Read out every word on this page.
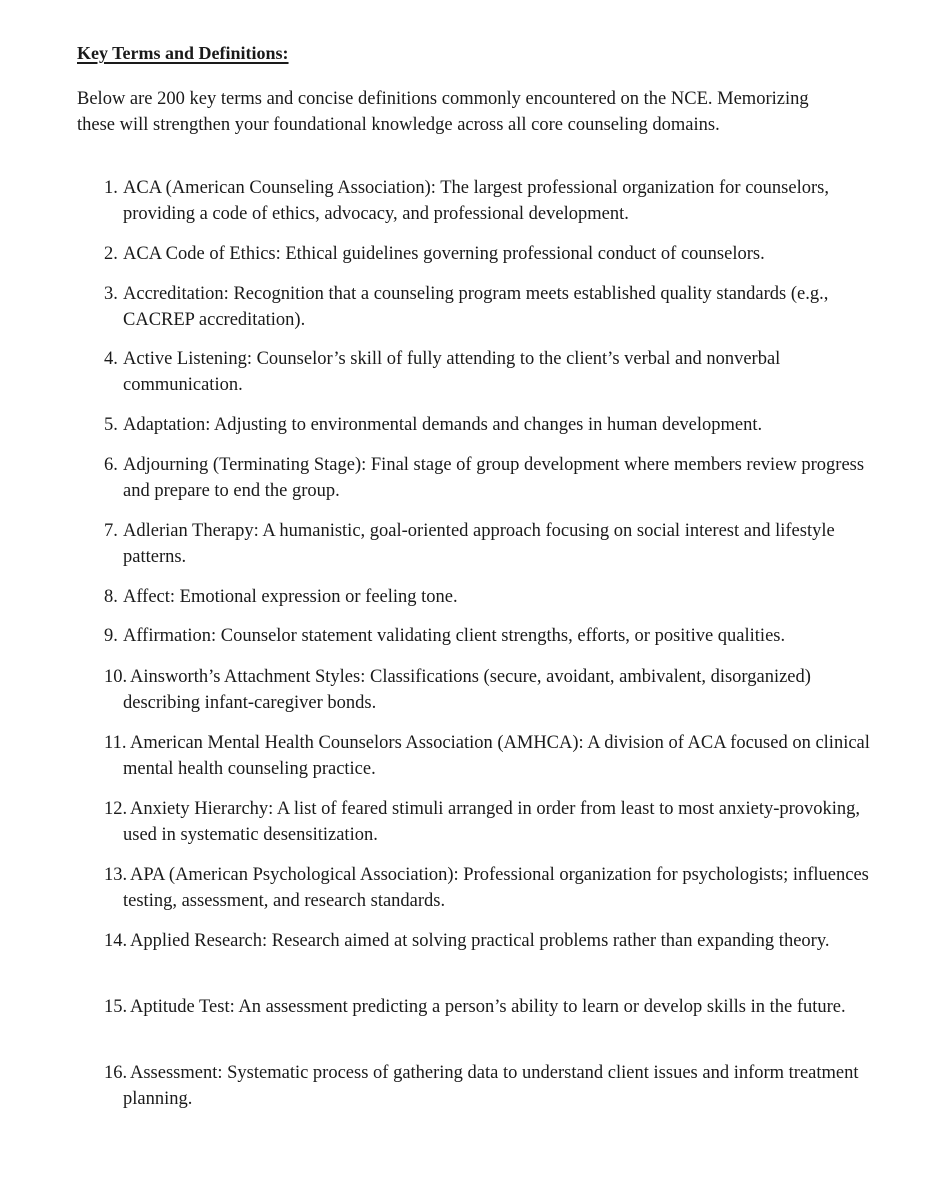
Key Terms and Definitions:
Below are 200 key terms and concise definitions commonly encountered on the NCE. Memorizing these will strengthen your foundational knowledge across all core counseling domains.
1. ACA (American Counseling Association): The largest professional organization for counselors, providing a code of ethics, advocacy, and professional development.
2. ACA Code of Ethics: Ethical guidelines governing professional conduct of counselors.
3. Accreditation: Recognition that a counseling program meets established quality standards (e.g., CACREP accreditation).
4. Active Listening: Counselor’s skill of fully attending to the client’s verbal and nonverbal communication.
5. Adaptation: Adjusting to environmental demands and changes in human development.
6. Adjourning (Terminating Stage): Final stage of group development where members review progress and prepare to end the group.
7. Adlerian Therapy: A humanistic, goal-oriented approach focusing on social interest and lifestyle patterns.
8. Affect: Emotional expression or feeling tone.
9. Affirmation: Counselor statement validating client strengths, efforts, or positive qualities.
10. Ainsworth’s Attachment Styles: Classifications (secure, avoidant, ambivalent, disorganized) describing infant-caregiver bonds.
11. American Mental Health Counselors Association (AMHCA): A division of ACA focused on clinical mental health counseling practice.
12. Anxiety Hierarchy: A list of feared stimuli arranged in order from least to most anxiety-provoking, used in systematic desensitization.
13. APA (American Psychological Association): Professional organization for psychologists; influences testing, assessment, and research standards.
14. Applied Research: Research aimed at solving practical problems rather than expanding theory.
15. Aptitude Test: An assessment predicting a person’s ability to learn or develop skills in the future.
16. Assessment: Systematic process of gathering data to understand client issues and inform treatment planning.
